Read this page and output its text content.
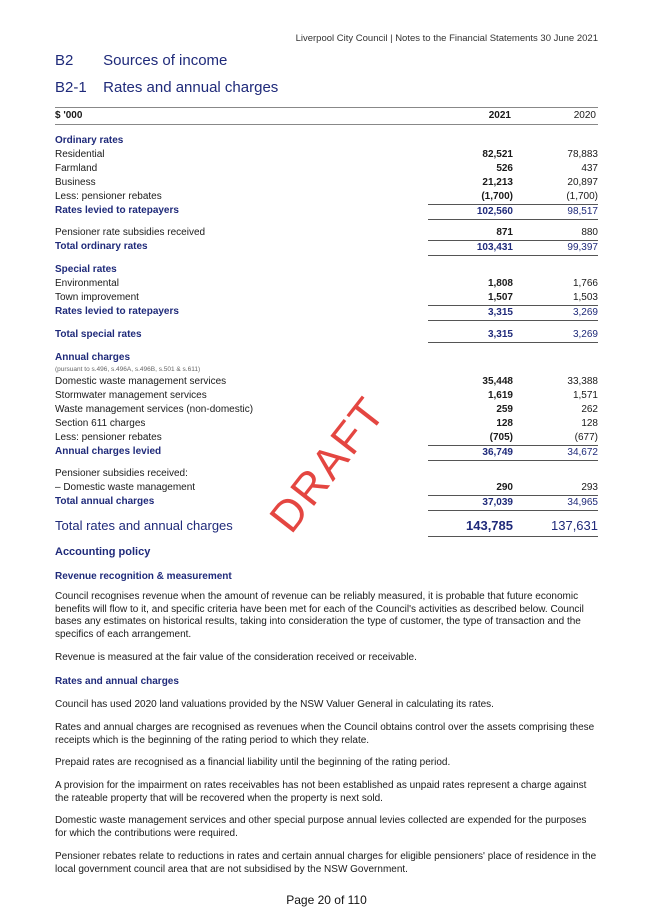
Liverpool City Council | Notes to the Financial Statements 30 June 2021
B2 Sources of income
B2-1 Rates and annual charges
$ '000	2021	2020
Ordinary rates
Residential	82,521	78,883
Farmland	526	437
Business	21,213	20,897
Less: pensioner rebates	(1,700)	(1,700)
Rates levied to ratepayers	102,560	98,517
Pensioner rate subsidies received	871	880
Total ordinary rates	103,431	99,397
Special rates
Environmental	1,808	1,766
Town improvement	1,507	1,503
Rates levied to ratepayers	3,315	3,269
Total special rates	3,315	3,269
Annual charges
(pursuant to s.496, s.496A, s.496B, s.501 & s.611)
Domestic waste management services	35,448	33,388
Stormwater management services	1,619	1,571
Waste management services (non-domestic)	259	262
Section 611 charges	128	128
Less: pensioner rebates	(705)	(677)
Annual charges levied	36,749	34,672
Pensioner subsidies received:
– Domestic waste management	290	293
Total annual charges	37,039	34,965
Total rates and annual charges	143,785	137,631
DRAFT
Accounting policy
Revenue recognition & measurement
Council recognises revenue when the amount of revenue can be reliably measured, it is probable that future economic benefits will flow to it, and specific criteria have been met for each of the Council's activities as described below. Council bases any estimates on historical results, taking into consideration the type of customer, the type of transaction and the specifics of each arrangement.
Revenue is measured at the fair value of the consideration received or receivable.
Rates and annual charges
Council has used 2020 land valuations provided by the NSW Valuer General in calculating its rates.
Rates and annual charges are recognised as revenues when the Council obtains control over the assets comprising these receipts which is the beginning of the rating period to which they relate.
Prepaid rates are recognised as a financial liability until the beginning of the rating period.
A provision for the impairment on rates receivables has not been established as unpaid rates represent a charge against the rateable property that will be recovered when the property is next sold.
Domestic waste management services and other special purpose annual levies collected are expended for the purposes for which the contributions were required.
Pensioner rebates relate to reductions in rates and certain annual charges for eligible pensioners' place of residence in the local government council area that are not subsidised by the NSW Government.
Page 20 of 110
